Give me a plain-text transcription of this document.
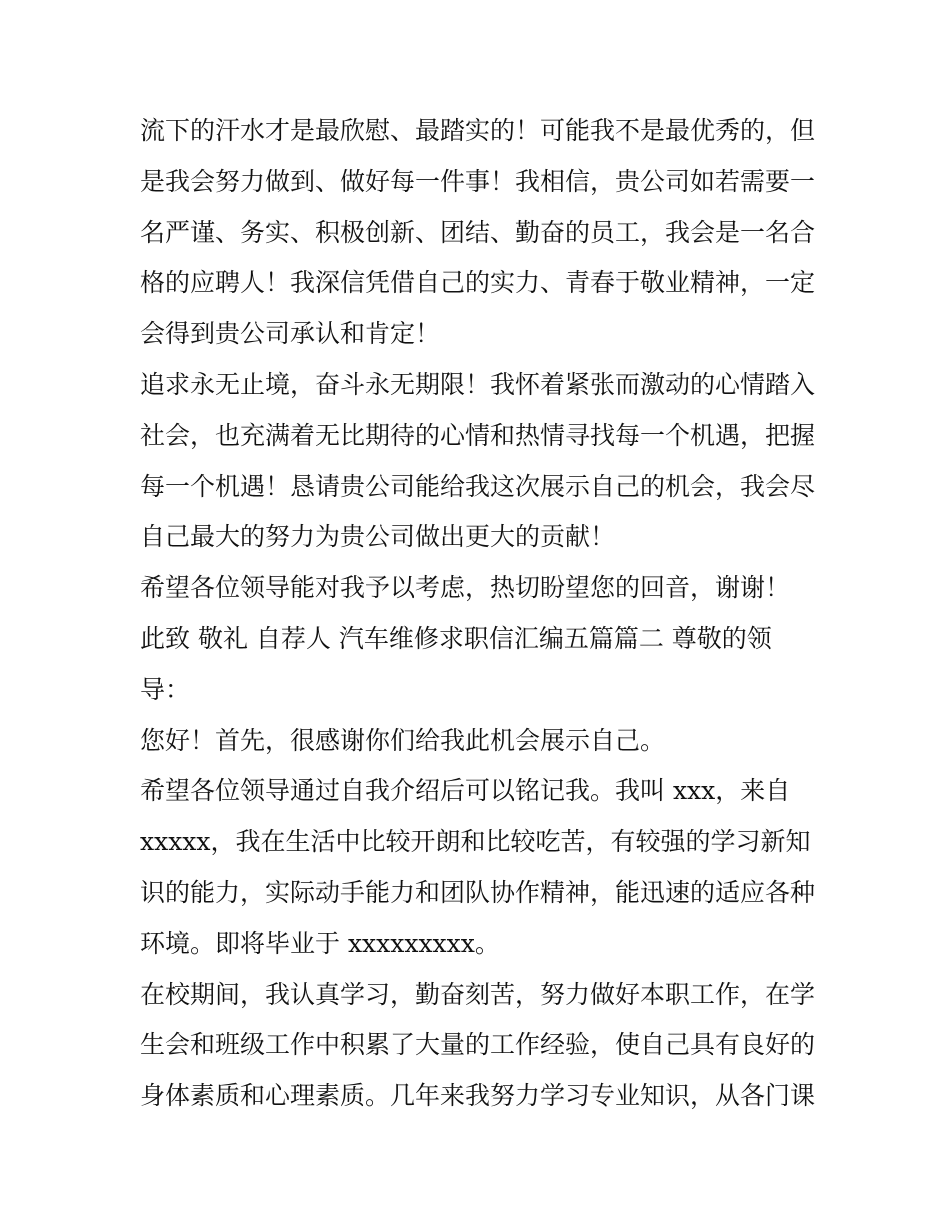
流下的汗水才是最欣慰、最踏实的！可能我不是最优秀的，但
是我会努力做到、做好每一件事！我相信，贵公司如若需要一
名严谨、务实、积极创新、团结、勤奋的员工，我会是一名合
格的应聘人！我深信凭借自己的实力、青春于敬业精神，一定
会得到贵公司承认和肯定！
追求永无止境，奋斗永无期限！我怀着紧张而激动的心情踏入
社会，也充满着无比期待的心情和热情寻找每一个机遇，把握
每一个机遇！恳请贵公司能给我这次展示自己的机会，我会尽
自己最大的努力为贵公司做出更大的贡献！
希望各位领导能对我予以考虑，热切盼望您的回音，谢谢！
此致 敬礼 自荐人 汽车维修求职信汇编五篇篇二 尊敬的领
导：
您好！首先，很感谢你们给我此机会展示自己。
希望各位领导通过自我介绍后可以铭记我。我叫 xxx，来自
xxxxx，我在生活中比较开朗和比较吃苦，有较强的学习新知
识的能力，实际动手能力和团队协作精神，能迅速的适应各种
环境。即将毕业于 xxxxxxxxx。
在校期间，我认真学习，勤奋刻苦，努力做好本职工作，在学
生会和班级工作中积累了大量的工作经验，使自己具有良好的
身体素质和心理素质。几年来我努力学习专业知识，从各门课
